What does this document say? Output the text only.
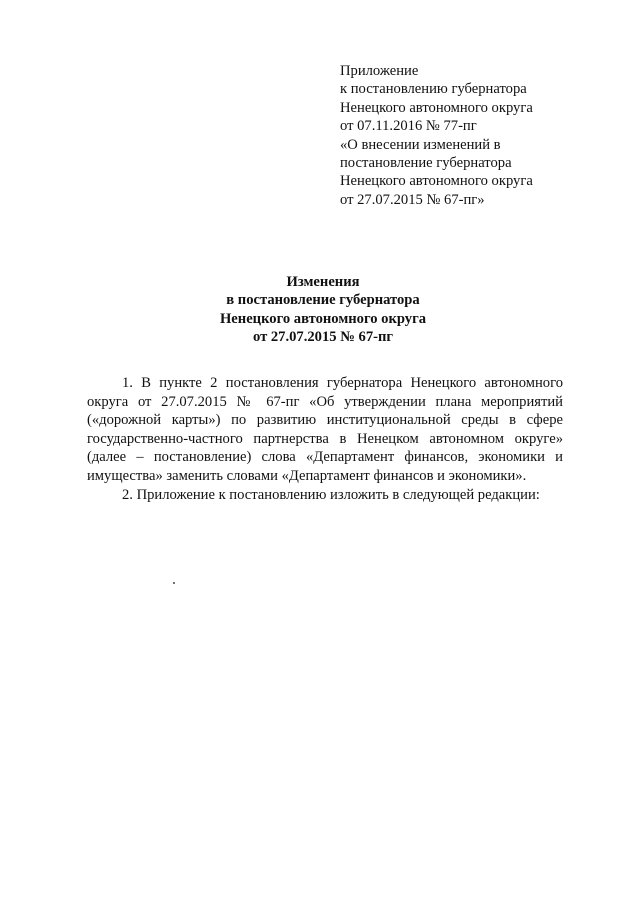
Приложение
к постановлению губернатора
Ненецкого автономного округа
от 07.11.2016 № 77-пг
«О внесении изменений в
постановление губернатора
Ненецкого автономного округа
от 27.07.2015 № 67-пг»
Изменения
в постановление губернатора
Ненецкого автономного округа
от 27.07.2015 № 67-пг

1. В пункте 2 постановления губернатора Ненецкого автономного округа от 27.07.2015 № 67-пг «Об утверждении плана мероприятий («дорожной карты») по развитию институциональной среды в сфере государственно-частного партнерства в Ненецком автономном округе» (далее – постановление) слова «Департамент финансов, экономики и имущества» заменить словами «Департамент финансов и экономики».

2. Приложение к постановлению изложить в следующей редакции:
